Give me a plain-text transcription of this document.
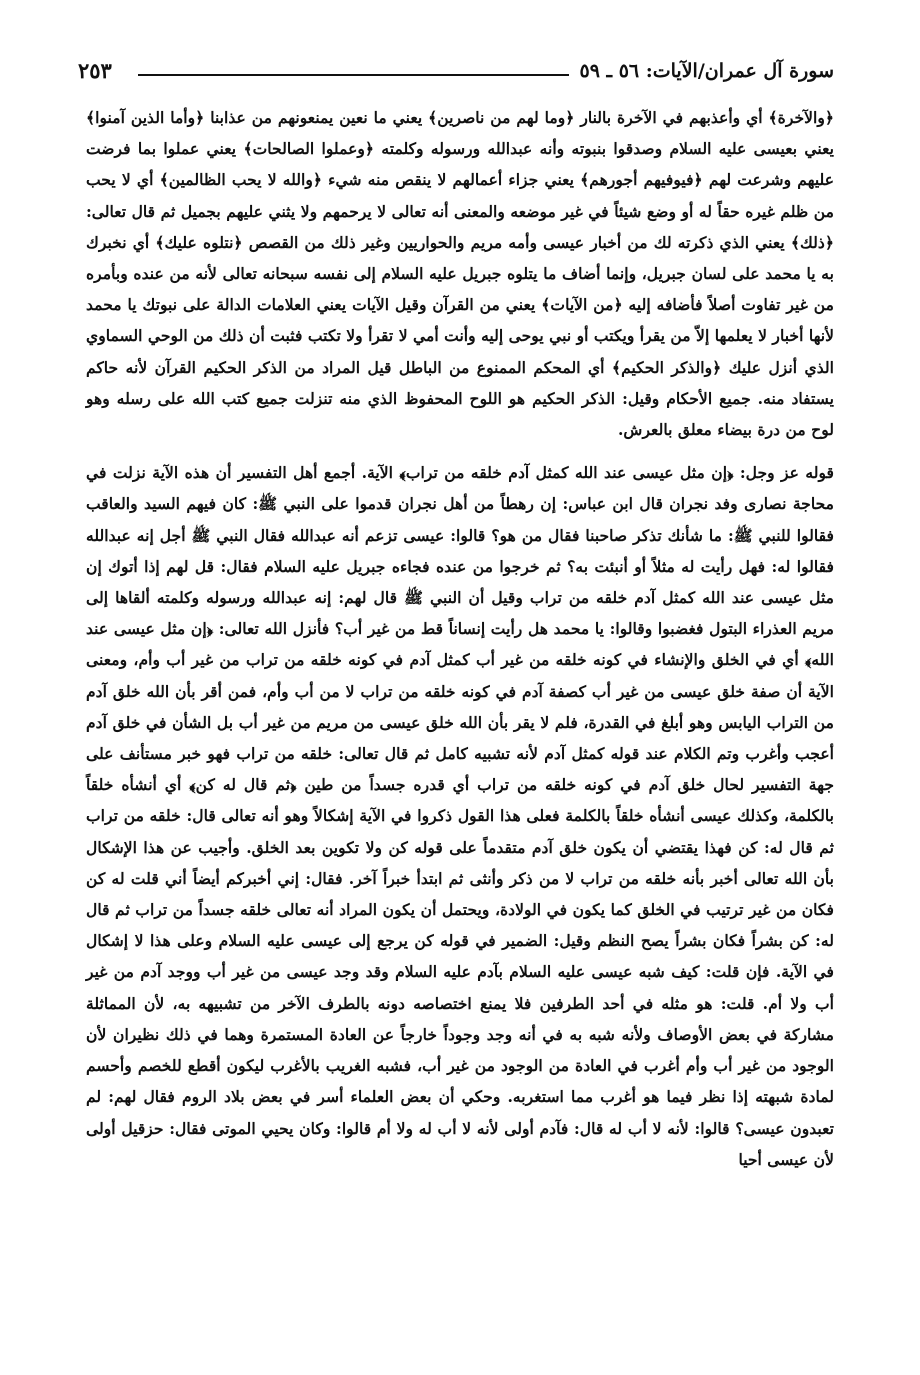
سورة آل عمران/الآيات: ٥٦ ـ ٥٩
٢٥٣

﴿والآخرة﴾ أي وأعذبهم في الآخرة بالنار ﴿وما لهم من ناصرين﴾ يعني ما نعين يمنعونهم من عذابنا ﴿وأما الذين آمنوا﴾ يعني بعيسى عليه السلام وصدقوا بنبوته وأنه عبدالله ورسوله وكلمته ﴿وعملوا الصالحات﴾ يعني عملوا بما فرضت عليهم وشرعت لهم ﴿فيوفيهم أجورهم﴾ يعني جزاء أعمالهم لا ينقص منه شيء ﴿والله لا يحب الظالمين﴾ أي لا يحب من ظلم غيره حقاً له أو وضع شيئاً في غير موضعه والمعنى أنه تعالى لا يرحمهم ولا يثني عليهم بجميل ثم قال تعالى: ﴿ذلك﴾ يعني الذي ذكرته لك من أخبار عيسى وأمه مريم والحواريين وغير ذلك من القصص ﴿نتلوه عليك﴾ أي نخبرك به يا محمد على لسان جبريل، وإنما أضاف ما يتلوه جبريل عليه السلام إلى نفسه سبحانه تعالى لأنه من عنده وبأمره من غير تفاوت أصلاً فأضافه إليه ﴿من الآيات﴾ يعني من القرآن وقيل الآيات يعني العلامات الدالة على نبوتك يا محمد لأنها أخبار لا يعلمها إلاّ من يقرأ ويكتب أو نبي يوحى إليه وأنت أمي لا تقرأ ولا تكتب فثبت أن ذلك من الوحي السماوي الذي أنزل عليك ﴿والذكر الحكيم﴾ أي المحكم الممنوع من الباطل قيل المراد من الذكر الحكيم القرآن لأنه حاكم يستفاد منه. جميع الأحكام وقيل: الذكر الحكيم هو اللوح المحفوظ الذي منه تنزلت جميع كتب الله على رسله وهو لوح من درة بيضاء معلق بالعرش.

قوله عز وجل: ﴿إن مثل عيسى عند الله كمثل آدم خلقه من تراب﴾ الآية. أجمع أهل التفسير أن هذه الآية نزلت في محاجة نصارى وفد نجران قال ابن عباس: إن رهطاً من أهل نجران قدموا على النبي ﷺ: كان فيهم السيد والعاقب فقالوا للنبي ﷺ: ما شأنك تذكر صاحبنا فقال من هو؟ قالوا: عيسى تزعم أنه عبدالله فقال النبي ﷺ أجل إنه عبدالله فقالوا له: فهل رأيت له مثلاً أو أنبئت به؟ ثم خرجوا من عنده فجاءه جبريل عليه السلام فقال: قل لهم إذا أتوك إن مثل عيسى عند الله كمثل آدم خلقه من تراب وقيل أن النبي ﷺ قال لهم: إنه عبدالله ورسوله وكلمته ألقاها إلى مريم العذراء البتول فغضبوا وقالوا: يا محمد هل رأيت إنساناً قط من غير أب؟ فأنزل الله تعالى: ﴿إن مثل عيسى عند الله﴾ أي في الخلق والإنشاء في كونه خلقه من غير أب كمثل آدم في كونه خلقه من تراب من غير أب وأم، ومعنى الآية أن صفة خلق عيسى من غير أب كصفة آدم في كونه خلقه من تراب لا من أب وأم، فمن أقر بأن الله خلق آدم من التراب اليابس وهو أبلغ في القدرة، فلم لا يقر بأن الله خلق عيسى من مريم من غير أب بل الشأن في خلق آدم أعجب وأغرب وتم الكلام عند قوله كمثل آدم لأنه تشبيه كامل ثم قال تعالى: خلقه من تراب فهو خبر مستأنف على جهة التفسير لحال خلق آدم في كونه خلقه من تراب أي قدره جسداً من طين ﴿ثم قال له كن﴾ أي أنشأه خلقاً بالكلمة، وكذلك عيسى أنشأه خلقاً بالكلمة فعلى هذا القول ذكروا في الآية إشكالاً وهو أنه تعالى قال: خلقه من تراب ثم قال له: كن فهذا يقتضي أن يكون خلق آدم متقدماً على قوله كن ولا تكوين بعد الخلق. وأجيب عن هذا الإشكال بأن الله تعالى أخبر بأنه خلقه من تراب لا من ذكر وأنثى ثم ابتدأ خبراً آخر. فقال: إني أخبركم أيضاً أني قلت له كن فكان من غير ترتيب في الخلق كما يكون في الولادة، ويحتمل أن يكون المراد أنه تعالى خلقه جسداً من تراب ثم قال له: كن بشراً فكان بشراً يصح النظم وقيل: الضمير في قوله كن يرجع إلى عيسى عليه السلام وعلى هذا لا إشكال في الآية. فإن قلت: كيف شبه عيسى عليه السلام بآدم عليه السلام وقد وجد عيسى من غير أب ووجد آدم من غير أب ولا أم. قلت: هو مثله في أحد الطرفين فلا يمنع اختصاصه دونه بالطرف الآخر من تشبيهه به، لأن المماثلة مشاركة في بعض الأوصاف ولأنه شبه به في أنه وجد وجوداً خارجاً عن العادة المستمرة وهما في ذلك نظيران لأن الوجود من غير أب وأم أغرب في العادة من الوجود من غير أب، فشبه الغريب بالأغرب ليكون أقطع للخصم وأحسم لمادة شبهته إذا نظر فيما هو أغرب مما استغربه. وحكي أن بعض العلماء أسر في بعض بلاد الروم فقال لهم: لم تعبدون عيسى؟ قالوا: لأنه لا أب له قال: فآدم أولى لأنه لا أب له ولا أم قالوا: وكان يحيي الموتى فقال: حزقيل أولى لأن عيسى أحيا
